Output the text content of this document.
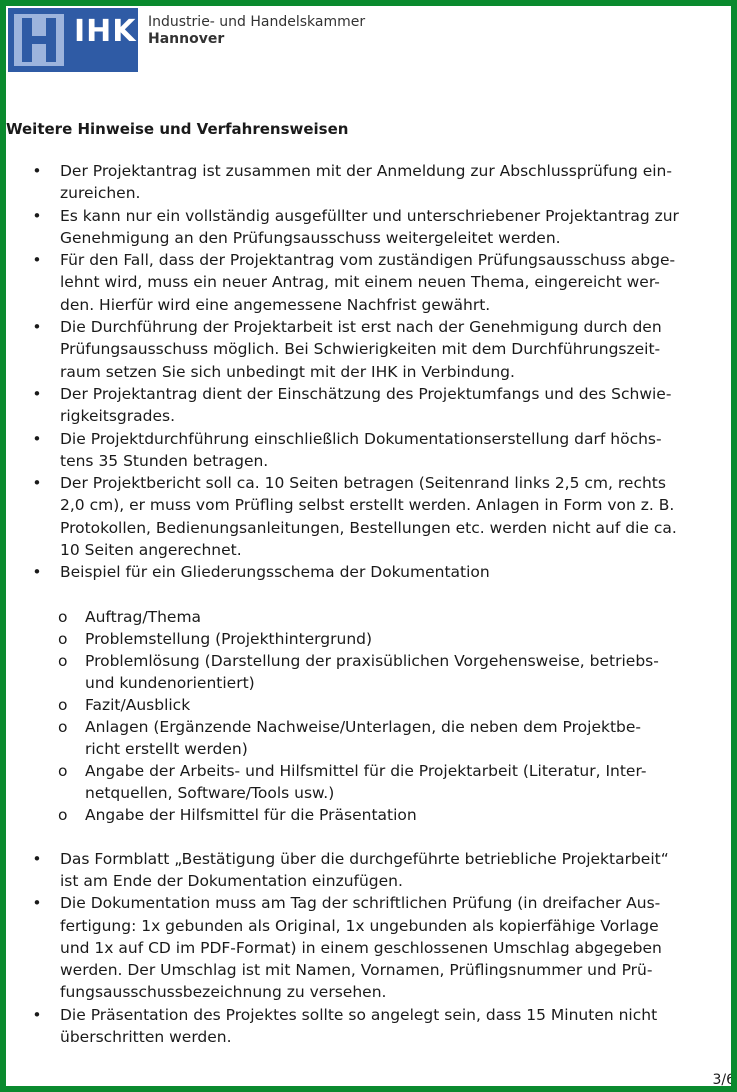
IHK Industrie- und Handelskammer
Hannover
Weitere Hinweise und Verfahrensweisen
• Der Projektantrag ist zusammen mit der Anmeldung zur Abschlussprüfung ein-
zureichen.
• Es kann nur ein vollständig ausgefüllter und unterschriebener Projektantrag zur
Genehmigung an den Prüfungsausschuss weitergeleitet werden.
• Für den Fall, dass der Projektantrag vom zuständigen Prüfungsausschuss abge-
lehnt wird, muss ein neuer Antrag, mit einem neuen Thema, eingereicht wer-
den. Hierfür wird eine angemessene Nachfrist gewährt.
• Die Durchführung der Projektarbeit ist erst nach der Genehmigung durch den
Prüfungsausschuss möglich. Bei Schwierigkeiten mit dem Durchführungszeit-
raum setzen Sie sich unbedingt mit der IHK in Verbindung.
• Der Projektantrag dient der Einschätzung des Projektumfangs und des Schwie-
rigkeitsgrades.
• Die Projektdurchführung einschließlich Dokumentationserstellung darf höchs-
tens 35 Stunden betragen.
• Der Projektbericht soll ca. 10 Seiten betragen (Seitenrand links 2,5 cm, rechts
2,0 cm), er muss vom Prüfling selbst erstellt werden. Anlagen in Form von z. B.
Protokollen, Bedienungsanleitungen, Bestellungen etc. werden nicht auf die ca.
10 Seiten angerechnet.
• Beispiel für ein Gliederungsschema der Dokumentation
o Auftrag/Thema
o Problemstellung (Projekthintergrund)
o Problemlösung (Darstellung der praxisüblichen Vorgehensweise, betriebs-
und kundenorientiert)
o Fazit/Ausblick
o Anlagen (Ergänzende Nachweise/Unterlagen, die neben dem Projektbe-
richt erstellt werden)
o Angabe der Arbeits- und Hilfsmittel für die Projektarbeit (Literatur, Inter-
netquellen, Software/Tools usw.)
o Angabe der Hilfsmittel für die Präsentation
• Das Formblatt „Bestätigung über die durchgeführte betriebliche Projektarbeit“
ist am Ende der Dokumentation einzufügen.
• Die Dokumentation muss am Tag der schriftlichen Prüfung (in dreifacher Aus-
fertigung: 1x gebunden als Original, 1x ungebunden als kopierfähige Vorlage
und 1x auf CD im PDF-Format) in einem geschlossenen Umschlag abgegeben
werden. Der Umschlag ist mit Namen, Vornamen, Prüflingsnummer und Prü-
fungsausschussbezeichnung zu versehen.
• Die Präsentation des Projektes sollte so angelegt sein, dass 15 Minuten nicht
überschritten werden.
3/6
